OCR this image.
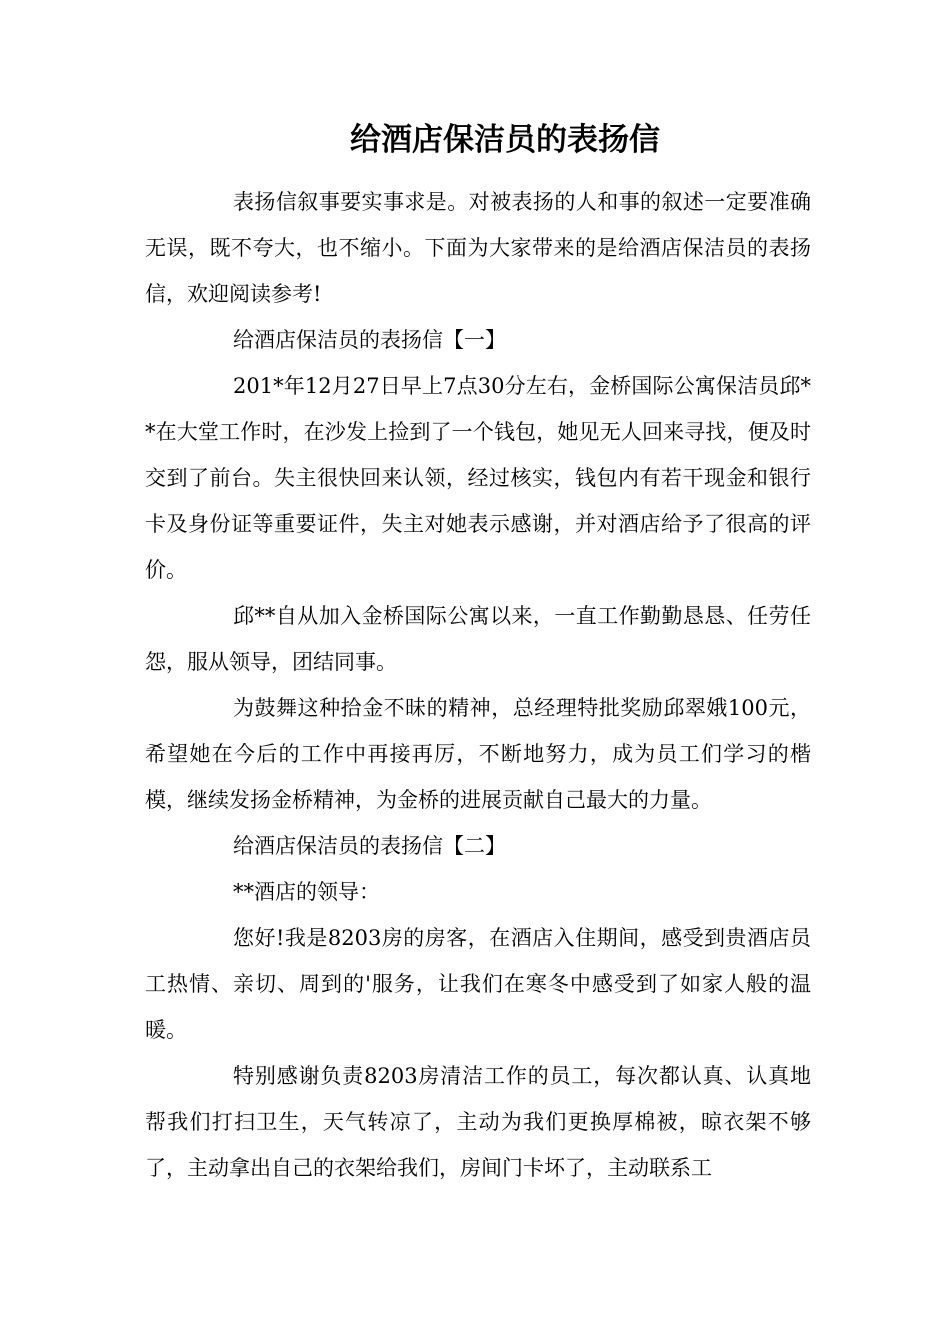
给酒店保洁员的表扬信

表扬信叙事要实事求是。对被表扬的人和事的叙述一定要准确无误，既不夸大，也不缩小。下面为大家带来的是给酒店保洁员的表扬信，欢迎阅读参考!

给酒店保洁员的表扬信【一】

201*年12月27日早上7点30分左右，金桥国际公寓保洁员邱**在大堂工作时，在沙发上捡到了一个钱包，她见无人回来寻找，便及时交到了前台。失主很快回来认领，经过核实，钱包内有若干现金和银行卡及身份证等重要证件，失主对她表示感谢，并对酒店给予了很高的评价。

邱**自从加入金桥国际公寓以来，一直工作勤勤恳恳、任劳任怨，服从领导，团结同事。

为鼓舞这种拾金不昧的精神，总经理特批奖励邱翠娥100元，希望她在今后的工作中再接再厉，不断地努力，成为员工们学习的楷模，继续发扬金桥精神，为金桥的进展贡献自己最大的力量。

给酒店保洁员的表扬信【二】

**酒店的领导：

您好!我是8203房的房客，在酒店入住期间，感受到贵酒店员工热情、亲切、周到的'服务，让我们在寒冬中感受到了如家人般的温暖。

特别感谢负责8203房清洁工作的员工，每次都认真、认真地帮我们打扫卫生，天气转凉了，主动为我们更换厚棉被，晾衣架不够了，主动拿出自己的衣架给我们，房间门卡坏了，主动联系工
